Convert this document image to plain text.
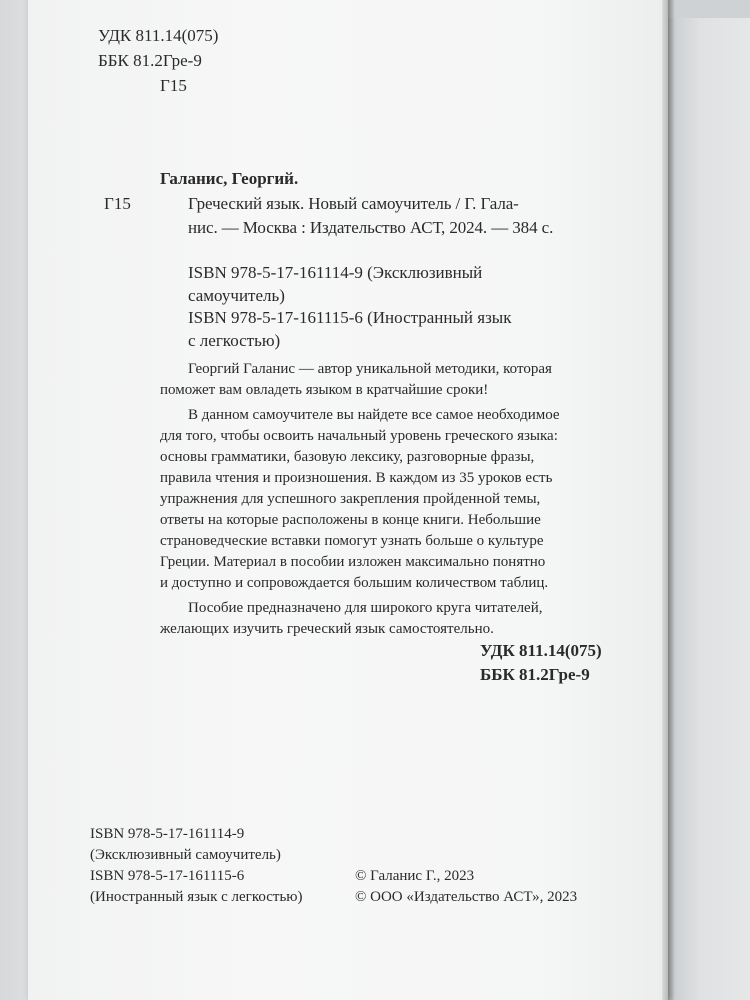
УДК 811.14(075)
ББК 81.2Гре-9
Г15
Галанис, Георгий.
Г15	Греческий язык. Новый самоучитель / Г. Гала-
нис. — Москва : Издательство АСТ, 2024. — 384 с.
ISBN 978-5-17-161114-9 (Эксклюзивный
самоучитель)
ISBN 978-5-17-161115-6 (Иностранный язык
с легкостью)
Георгий Галанис — автор уникальной методики, которая
поможет вам овладеть языком в кратчайшие сроки!
В данном самоучителе вы найдете все самое необходимое
для того, чтобы освоить начальный уровень греческого языка:
основы грамматики, базовую лексику, разговорные фразы,
правила чтения и произношения. В каждом из 35 уроков есть
упражнения для успешного закрепления пройденной темы,
ответы на которые расположены в конце книги. Небольшие
страноведческие вставки помогут узнать больше о культуре
Греции. Материал в пособии изложен максимально понятно
и доступно и сопровождается большим количеством таблиц.
Пособие предназначено для широкого круга читателей,
желающих изучить греческий язык самостоятельно.
УДК 811.14(075)
ББК 81.2Гре-9
ISBN 978-5-17-161114-9
(Эксклюзивный самоучитель)
ISBN 978-5-17-161115-6
(Иностранный язык с легкостью)
© Галанис Г., 2023
© ООО «Издательство АСТ», 2023
